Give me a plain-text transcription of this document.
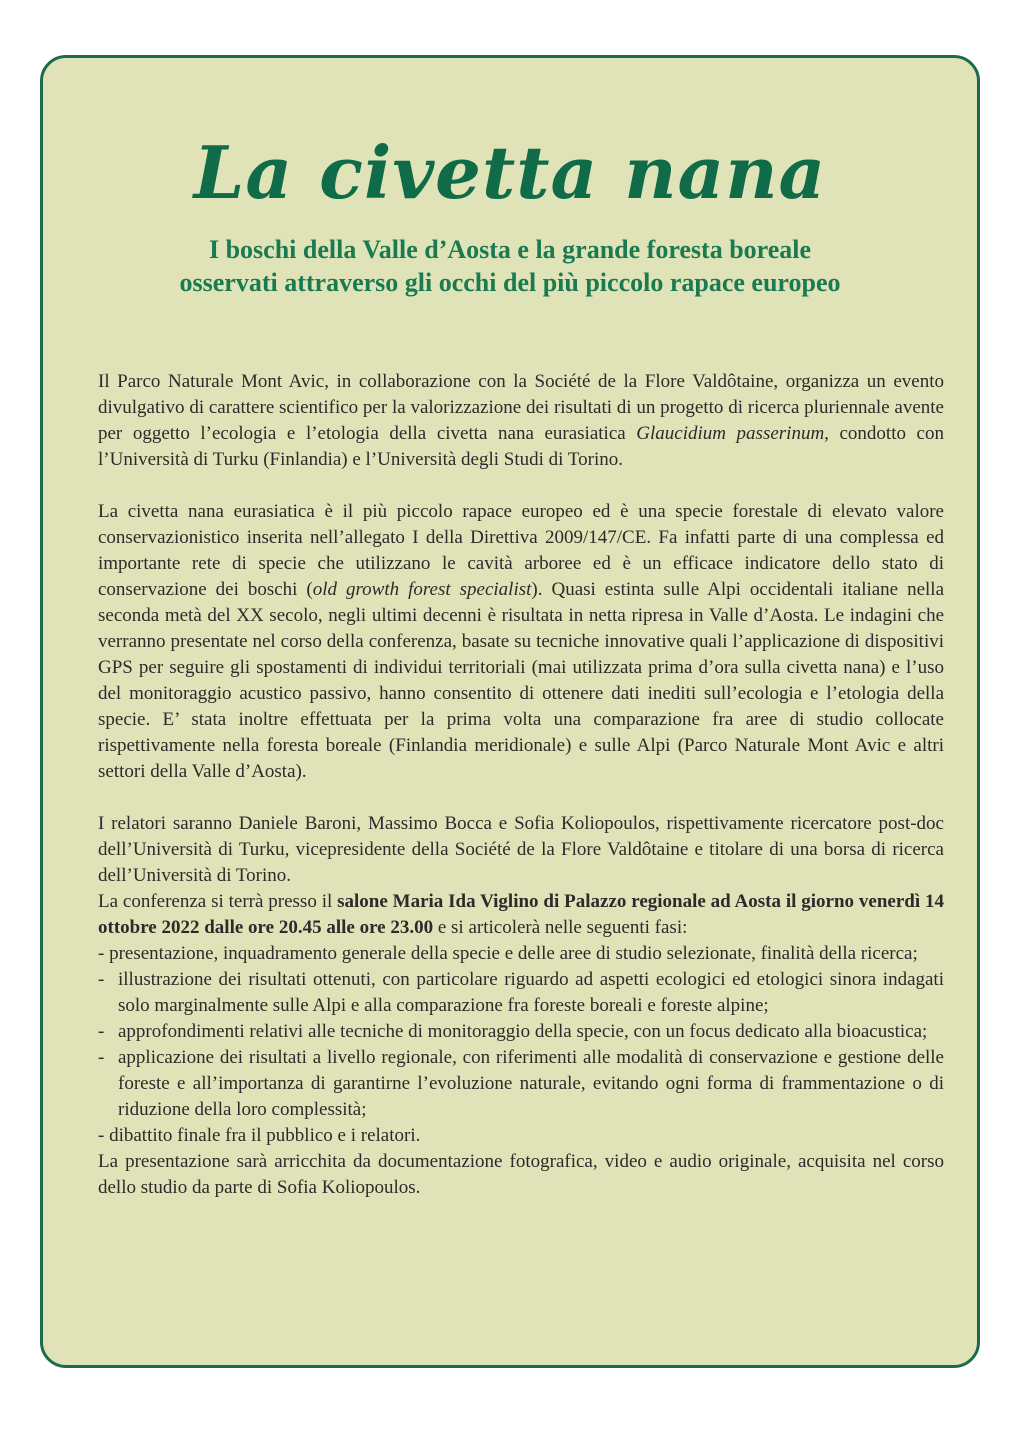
La civetta nana
I boschi della Valle d’Aosta e la grande foresta boreale
osservati attraverso gli occhi del più piccolo rapace europeo

Il Parco Naturale Mont Avic, in collaborazione con la Société de la Flore Valdôtaine, organizza un evento divulgativo di carattere scientifico per la valorizzazione dei risultati di un progetto di ricerca pluriennale avente per oggetto l’ecologia e l’etologia della civetta nana eurasiatica Glaucidium passerinum, condotto con l’Università di Turku (Finlandia) e l’Università degli Studi di Torino.

La civetta nana eurasiatica è il più piccolo rapace europeo ed è una specie forestale di elevato valore conservazionistico inserita nell’allegato I della Direttiva 2009/147/CE. Fa infatti parte di una complessa ed importante rete di specie che utilizzano le cavità arboree ed è un efficace indicatore dello stato di conservazione dei boschi (old growth forest specialist). Quasi estinta sulle Alpi occidentali italiane nella seconda metà del XX secolo, negli ultimi decenni è risultata in netta ripresa in Valle d’Aosta. Le indagini che verranno presentate nel corso della conferenza, basate su tecniche innovative quali l’applicazione di dispositivi GPS per seguire gli spostamenti di individui territoriali (mai utilizzata prima d’ora sulla civetta nana) e l’uso del monitoraggio acustico passivo, hanno consentito di ottenere dati inediti sull’ecologia e l’etologia della specie. E’ stata inoltre effettuata per la prima volta una comparazione fra aree di studio collocate rispettivamente nella foresta boreale (Finlandia meridionale) e sulle Alpi (Parco Naturale Mont Avic e altri settori della Valle d’Aosta).

I relatori saranno Daniele Baroni, Massimo Bocca e Sofia Koliopoulos, rispettivamente ricercatore post-doc dell’Università di Turku, vicepresidente della Société de la Flore Valdôtaine e titolare di una borsa di ricerca dell’Università di Torino.

La conferenza si terrà presso il salone Maria Ida Viglino di Palazzo regionale ad Aosta il giorno venerdì 14 ottobre 2022 dalle ore 20.45 alle ore 23.00 e si articolerà nelle seguenti fasi:

- presentazione, inquadramento generale della specie e delle aree di studio selezionate, finalità della ricerca;
- illustrazione dei risultati ottenuti, con particolare riguardo ad aspetti ecologici ed etologici sinora indagati solo marginalmente sulle Alpi e alla comparazione fra foreste boreali e foreste alpine;
- approfondimenti relativi alle tecniche di monitoraggio della specie, con un focus dedicato alla bioacustica;
- applicazione dei risultati a livello regionale, con riferimenti alle modalità di conservazione e gestione delle foreste e all’importanza di garantirne l’evoluzione naturale, evitando ogni forma di frammentazione o di riduzione della loro complessità;
- dibattito finale fra il pubblico e i relatori.

La presentazione sarà arricchita da documentazione fotografica, video e audio originale, acquisita nel corso dello studio da parte di Sofia Koliopoulos.
